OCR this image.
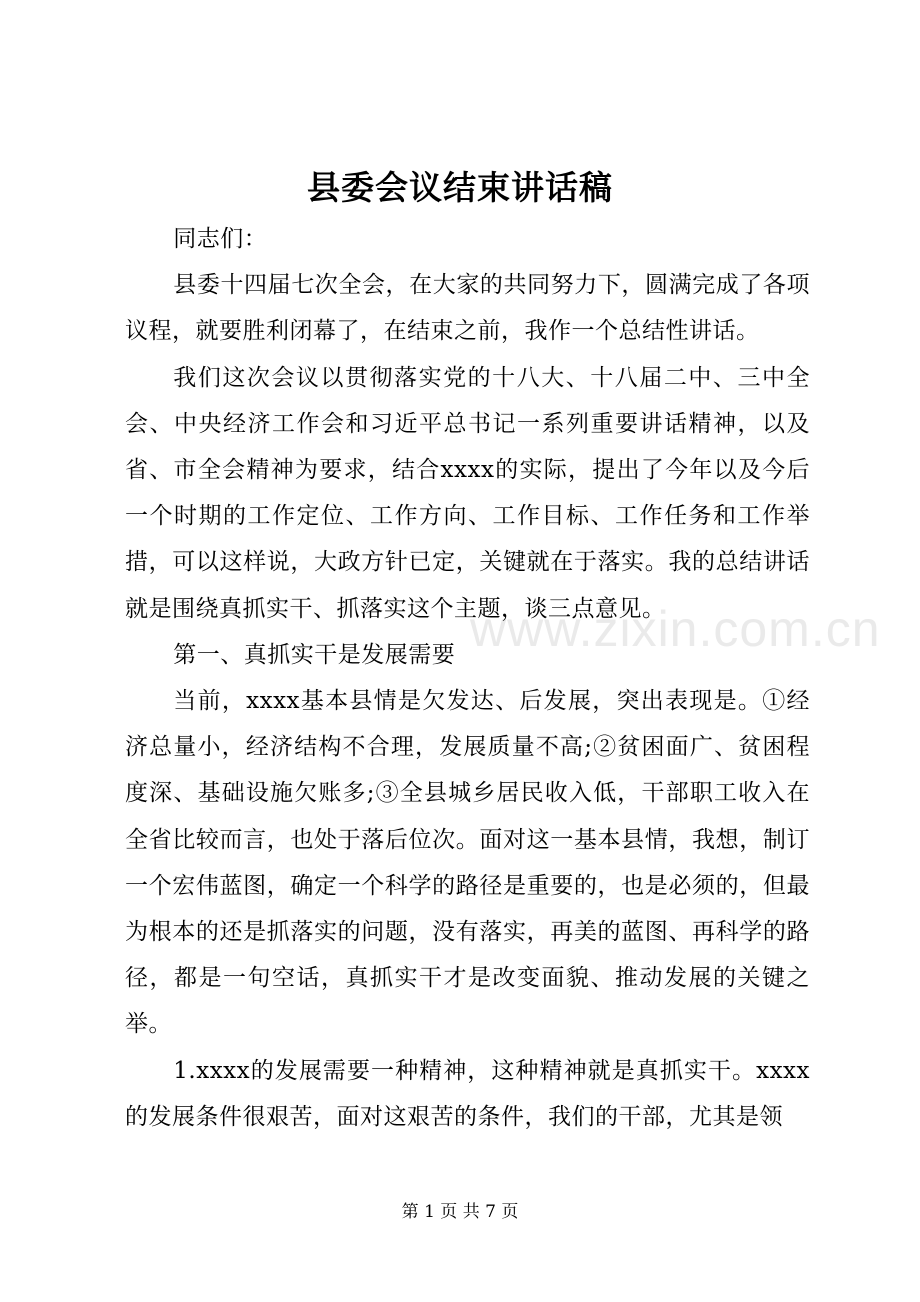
县委会议结束讲话稿

同志们：

县委十四届七次全会，在大家的共同努力下，圆满完成了各项议程，就要胜利闭幕了，在结束之前，我作一个总结性讲话。

我们这次会议以贯彻落实党的十八大、十八届二中、三中全会、中央经济工作会和习近平总书记一系列重要讲话精神，以及省、市全会精神为要求，结合xxxx的实际，提出了今年以及今后一个时期的工作定位、工作方向、工作目标、工作任务和工作举措，可以这样说，大政方针已定，关键就在于落实。我的总结讲话就是围绕真抓实干、抓落实这个主题，谈三点意见。

第一、真抓实干是发展需要

当前，xxxx基本县情是欠发达、后发展，突出表现是。①经济总量小，经济结构不合理，发展质量不高;②贫困面广、贫困程度深、基础设施欠账多;③全县城乡居民收入低，干部职工收入在全省比较而言，也处于落后位次。面对这一基本县情，我想，制订一个宏伟蓝图，确定一个科学的路径是重要的，也是必须的，但最为根本的还是抓落实的问题，没有落实，再美的蓝图、再科学的路径，都是一句空话，真抓实干才是改变面貌、推动发展的关键之举。

1.xxxx的发展需要一种精神，这种精神就是真抓实干。xxxx的发展条件很艰苦，面对这艰苦的条件，我们的干部，尤其是领

www.zixin.com.cn
第 1 页 共 7 页
